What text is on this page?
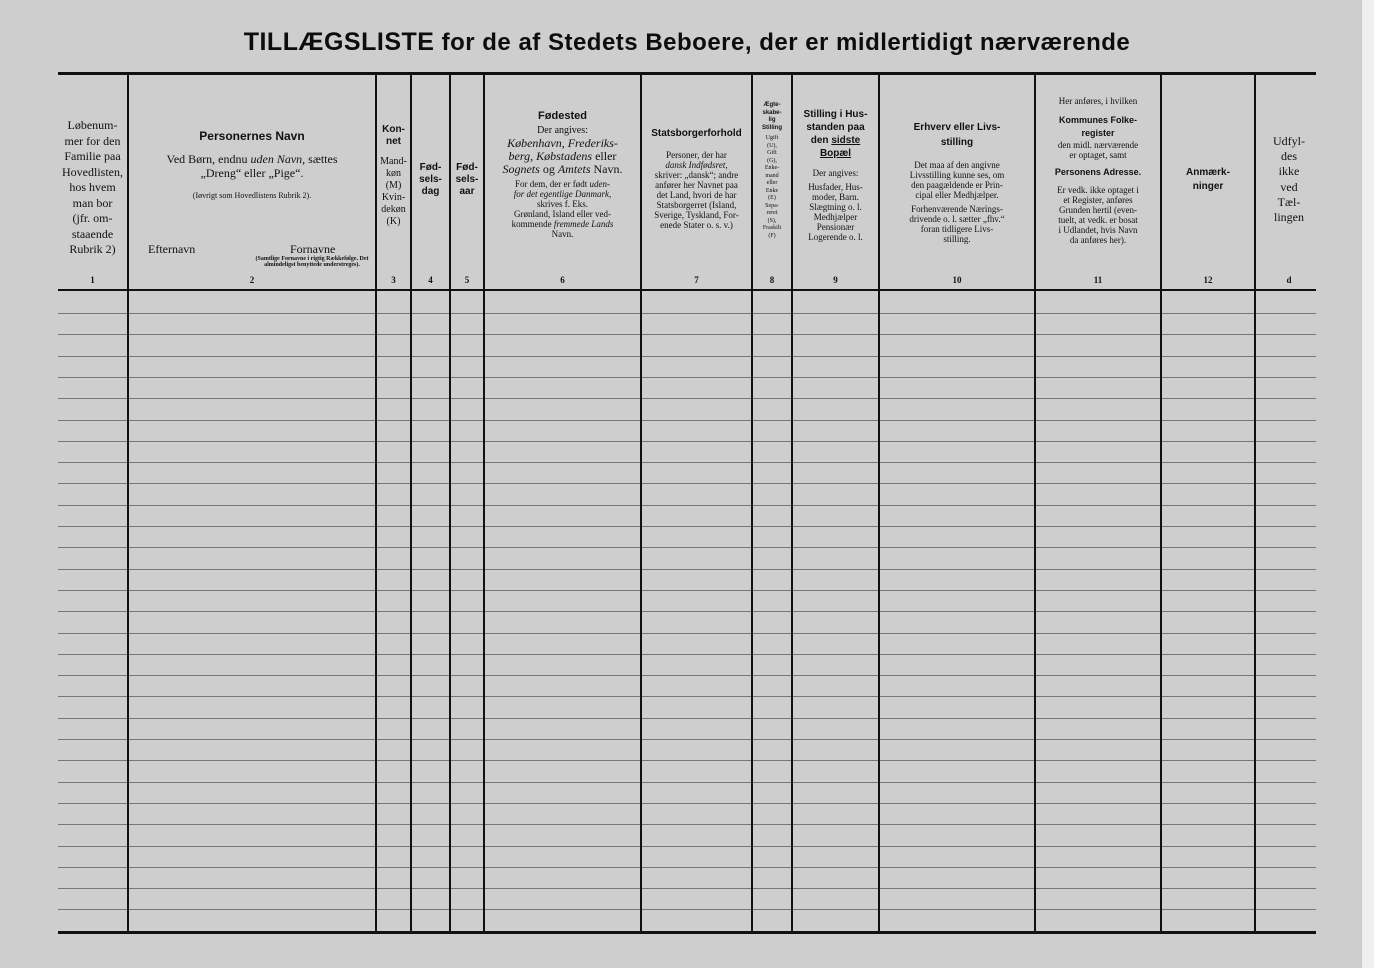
TILLÆGSLISTE for de af Stedets Beboere, der er midlertidigt nærværende
Løbenum-
mer for den
Familie paa
Hovedlisten,
hos hvem
man bor
(jfr. om-
staaende
Rubrik 2)
1
Personernes Navn
Ved Børn, endnu uden Navn, sættes
„Dreng“ eller „Pige“.
(Iøvrigt som Hovedlistens Rubrik 2).
Efternavn	Fornavne
(Samtlige Fornavne i rigtig Rækkefølge. Det almindeligst benyttede understreges).
2
Kon-
net
Mand-
køn
(M)
Kvin-
dekøn
(K)
3
Fød-
sels-
dag
4
Fød-
sels-
aar
5
Fødested
Der angives:
København, Frederiks-
berg, Købstadens eller
Sognets og Amtets Navn.
For dem, der er født uden-
for det egentlige Danmark,
skrives f. Eks.
Grønland, Island eller ved-
kommende fremmede Lands
Navn.
6
Statsborgerforhold
Personer, der har
dansk Indfødsret,
skriver: „dansk“; andre
anfører her Navnet paa
det Land, hvori de har
Statsborgerret (Island,
Sverige, Tyskland, For-
enede Stater o. s. v.)
7
Ægte-
skabe-
lig
Stilling
Ugift
(U),
Gift
(G),
Enke-
mand
eller
Enke
(E)
Sepa-
reret
(S),
Fraskilt
(F)
8
Stilling i Hus-
standen paa
den sidste
Bopæl
Der angives:
Husfader, Hus-
moder, Barn.
Slægtning o. l.
Medhjælper
Pensionær
Logerende o. l.
9
Erhverv eller Livs-
stilling
Det maa af den angivne
Livsstilling kunne ses, om
den paagældende er Prin-
cipal eller Medhjælper.
Forhenværende Nærings-
drivende o. l. sætter „fhv.“
foran tidligere Livs-
stilling.
10
Her anføres, i hvilken
Kommunes Folke-
register
den midl. nærværende
er optaget, samt
Personens Adresse.
Er vedk. ikke optaget i
et Register, anføres
Grunden hertil (even-
tuelt, at vedk. er bosat
i Udlandet, hvis Navn
da anføres her).
11
Anmærk-
ninger
12
Udfyl-
des
ikke
ved
Tæl-
lingen
d
